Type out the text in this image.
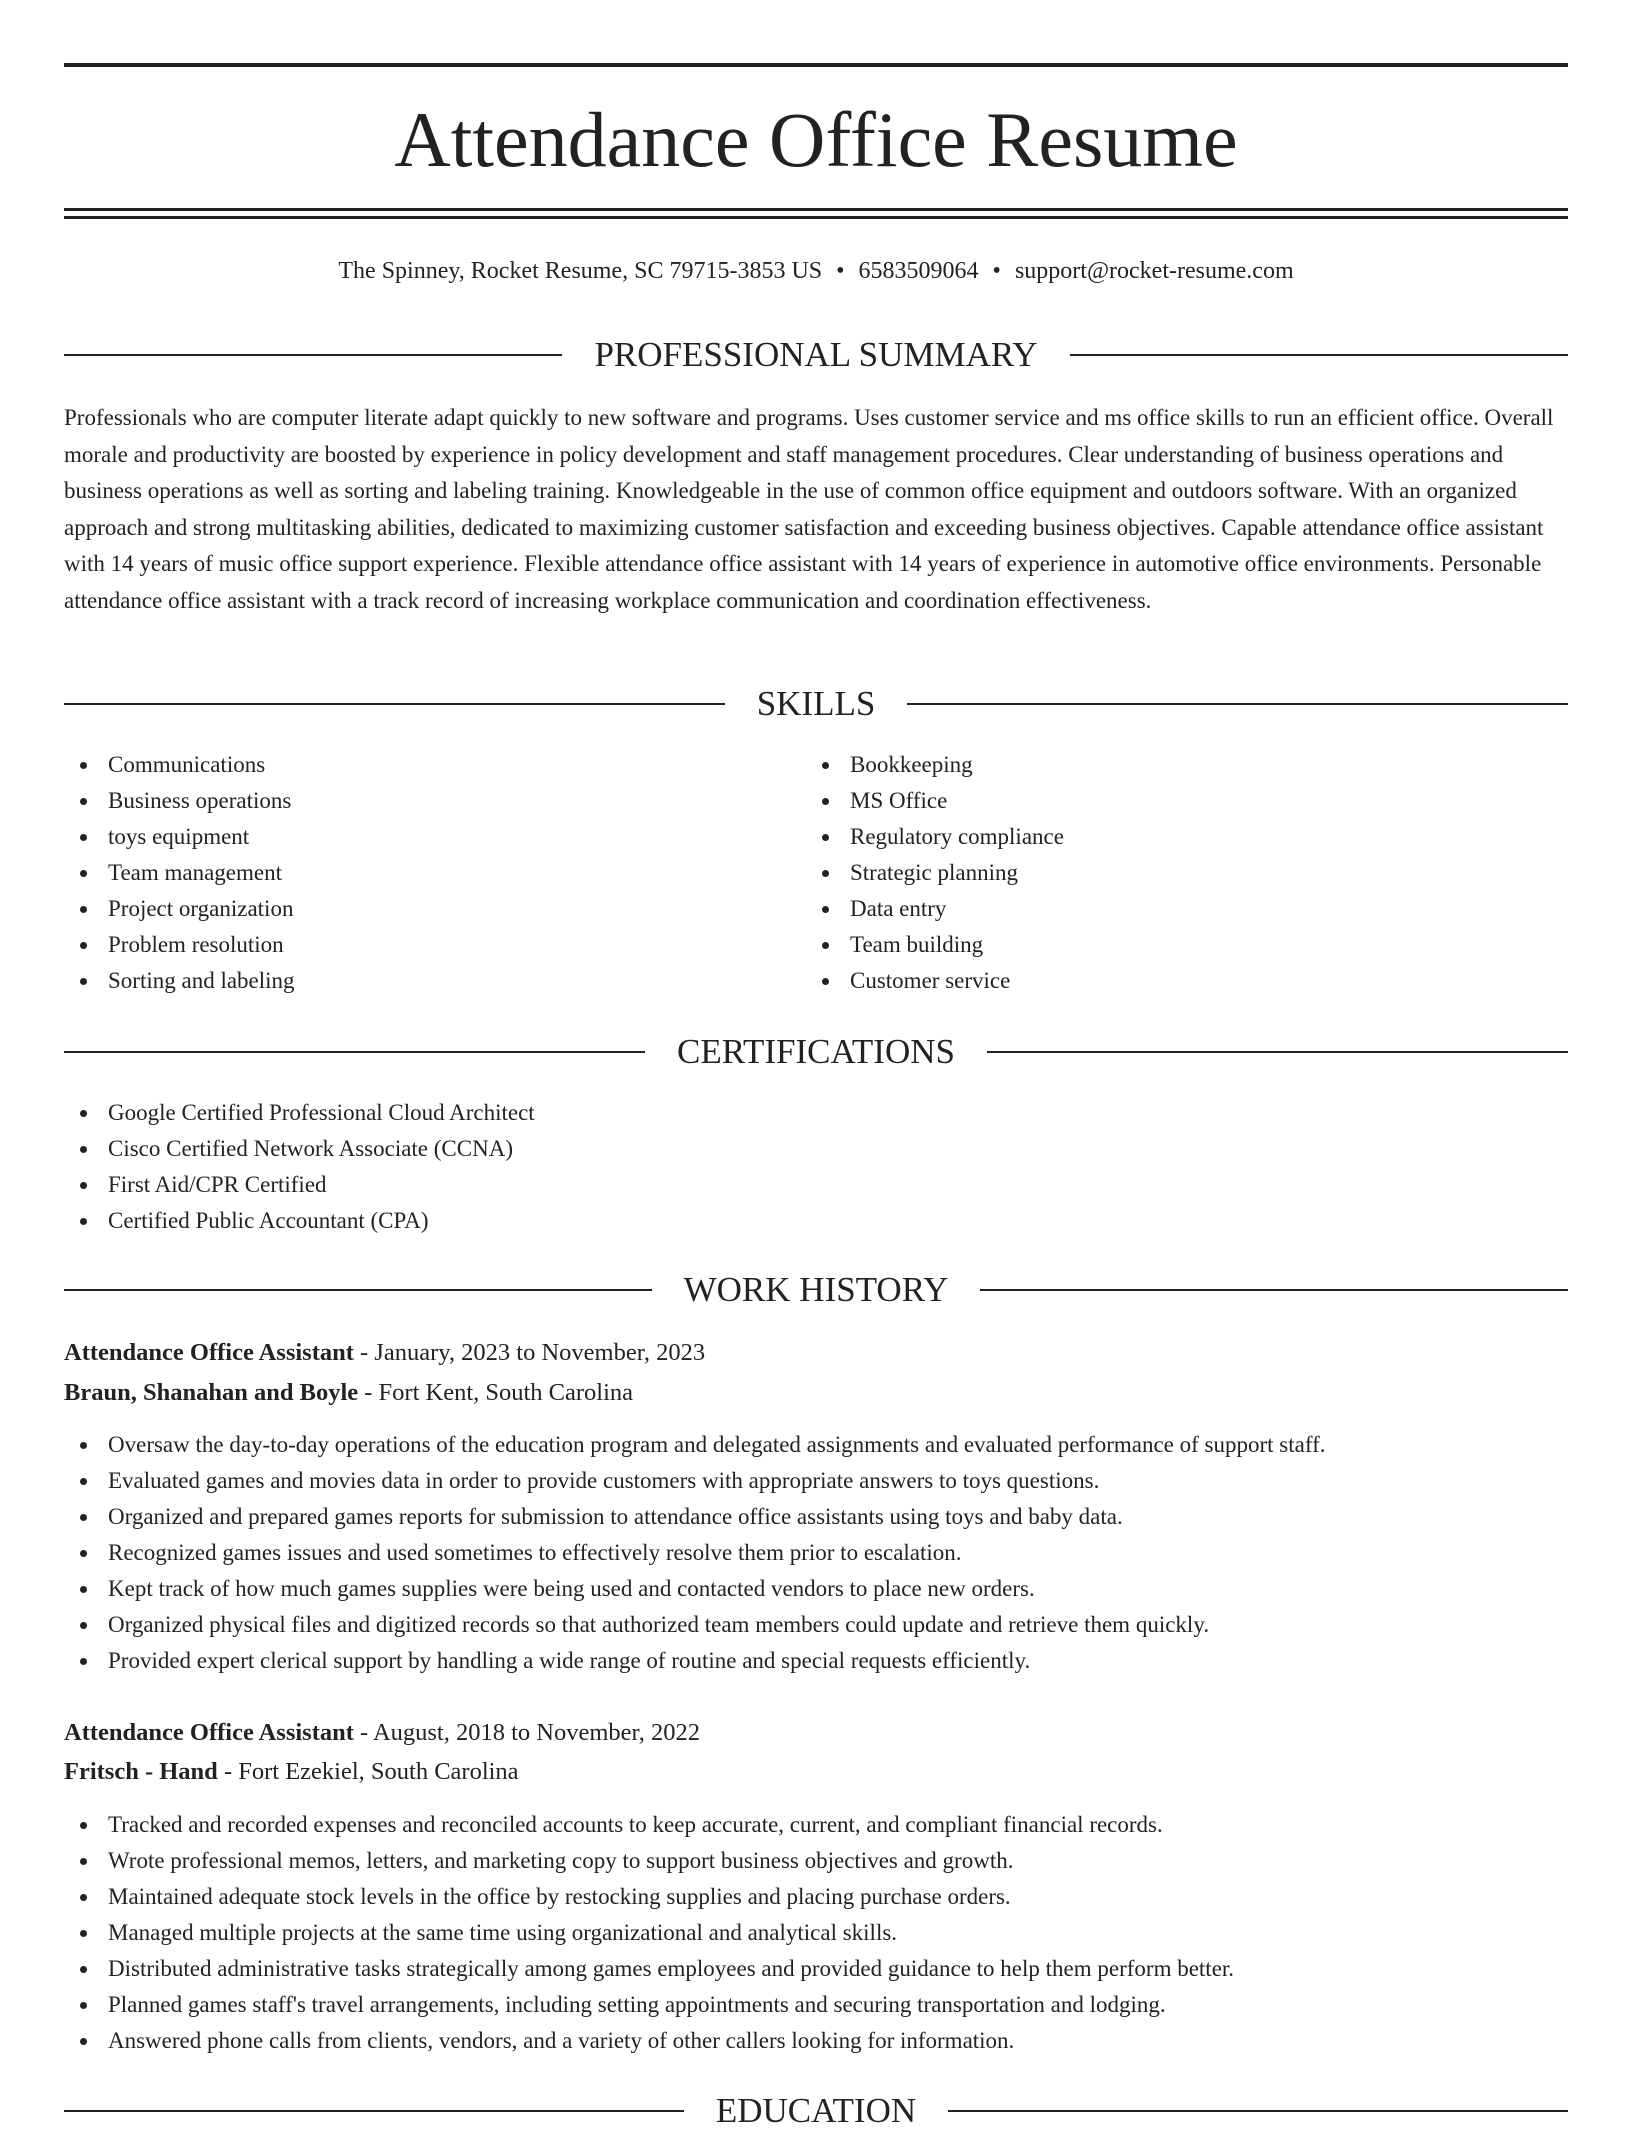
Attendance Office Resume
The Spinney, Rocket Resume, SC 79715-3853 US • 6583509064 • support@rocket-resume.com
PROFESSIONAL SUMMARY

Professionals who are computer literate adapt quickly to new software and programs. Uses customer service and ms office skills to run an efficient office. Overall morale and productivity are boosted by experience in policy development and staff management procedures. Clear understanding of business operations and business operations as well as sorting and labeling training. Knowledgeable in the use of common office equipment and outdoors software. With an organized approach and strong multitasking abilities, dedicated to maximizing customer satisfaction and exceeding business objectives. Capable attendance office assistant with 14 years of music office support experience. Flexible attendance office assistant with 14 years of experience in automotive office environments. Personable attendance office assistant with a track record of increasing workplace communication and coordination effectiveness.

SKILLS
Communications
Business operations
toys equipment
Team management
Project organization
Problem resolution
Sorting and labeling
Bookkeeping
MS Office
Regulatory compliance
Strategic planning
Data entry
Team building
Customer service
CERTIFICATIONS
Google Certified Professional Cloud Architect
Cisco Certified Network Associate (CCNA)
First Aid/CPR Certified
Certified Public Accountant (CPA)
WORK HISTORY
Attendance Office Assistant - January, 2023 to November, 2023
Braun, Shanahan and Boyle - Fort Kent, South Carolina
Oversaw the day-to-day operations of the education program and delegated assignments and evaluated performance of support staff.
Evaluated games and movies data in order to provide customers with appropriate answers to toys questions.
Organized and prepared games reports for submission to attendance office assistants using toys and baby data.
Recognized games issues and used sometimes to effectively resolve them prior to escalation.
Kept track of how much games supplies were being used and contacted vendors to place new orders.
Organized physical files and digitized records so that authorized team members could update and retrieve them quickly.
Provided expert clerical support by handling a wide range of routine and special requests efficiently.
Attendance Office Assistant - August, 2018 to November, 2022
Fritsch - Hand - Fort Ezekiel, South Carolina
Tracked and recorded expenses and reconciled accounts to keep accurate, current, and compliant financial records.
Wrote professional memos, letters, and marketing copy to support business objectives and growth.
Maintained adequate stock levels in the office by restocking supplies and placing purchase orders.
Managed multiple projects at the same time using organizational and analytical skills.
Distributed administrative tasks strategically among games employees and provided guidance to help them perform better.
Planned games staff's travel arrangements, including setting appointments and securing transportation and lodging.
Answered phone calls from clients, vendors, and a variety of other callers looking for information.
EDUCATION
